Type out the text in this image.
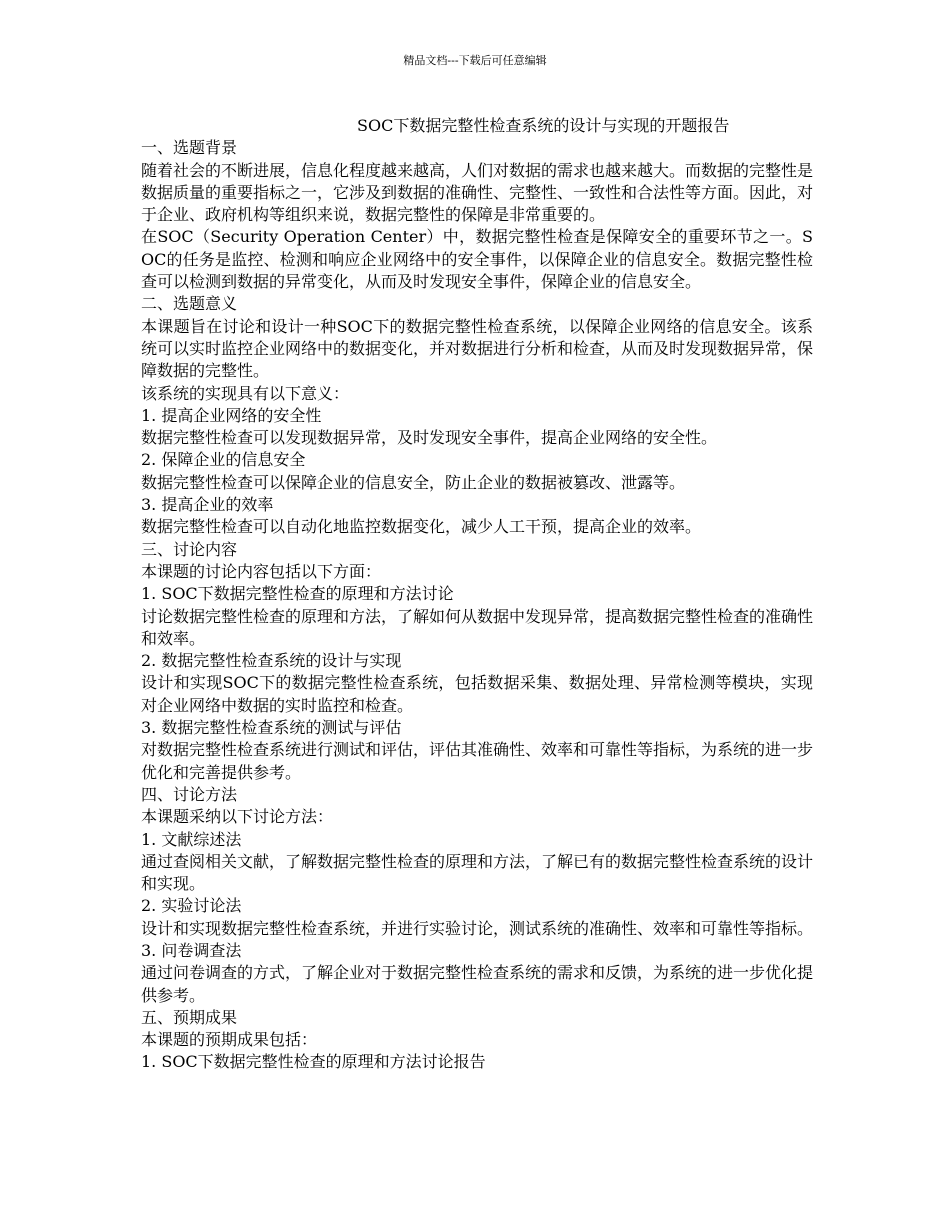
精品文档---下载后可任意编辑
SOC下数据完整性检查系统的设计与实现的开题报告

一、选题背景

随着社会的不断进展，信息化程度越来越高，人们对数据的需求也越来越大。而数据的完整性是数据质量的重要指标之一，它涉及到数据的准确性、完整性、一致性和合法性等方面。因此，对于企业、政府机构等组织来说，数据完整性的保障是非常重要的。

在SOC（Security Operation Center）中，数据完整性检查是保障安全的重要环节之一。SOC的任务是监控、检测和响应企业网络中的安全事件，以保障企业的信息安全。数据完整性检查可以检测到数据的异常变化，从而及时发现安全事件，保障企业的信息安全。

二、选题意义

本课题旨在讨论和设计一种SOC下的数据完整性检查系统，以保障企业网络的信息安全。该系统可以实时监控企业网络中的数据变化，并对数据进行分析和检查，从而及时发现数据异常，保障数据的完整性。

该系统的实现具有以下意义：

1. 提高企业网络的安全性

数据完整性检查可以发现数据异常，及时发现安全事件，提高企业网络的安全性。

2. 保障企业的信息安全

数据完整性检查可以保障企业的信息安全，防止企业的数据被篡改、泄露等。

3. 提高企业的效率

数据完整性检查可以自动化地监控数据变化，减少人工干预，提高企业的效率。

三、讨论内容

本课题的讨论内容包括以下方面：

1. SOC下数据完整性检查的原理和方法讨论

讨论数据完整性检查的原理和方法，了解如何从数据中发现异常，提高数据完整性检查的准确性和效率。

2. 数据完整性检查系统的设计与实现

设计和实现SOC下的数据完整性检查系统，包括数据采集、数据处理、异常检测等模块，实现对企业网络中数据的实时监控和检查。

3. 数据完整性检查系统的测试与评估

对数据完整性检查系统进行测试和评估，评估其准确性、效率和可靠性等指标，为系统的进一步优化和完善提供参考。

四、讨论方法

本课题采纳以下讨论方法：

1. 文献综述法

通过查阅相关文献，了解数据完整性检查的原理和方法，了解已有的数据完整性检查系统的设计和实现。

2. 实验讨论法

设计和实现数据完整性检查系统，并进行实验讨论，测试系统的准确性、效率和可靠性等指标。

3. 问卷调查法

通过问卷调查的方式，了解企业对于数据完整性检查系统的需求和反馈，为系统的进一步优化提供参考。

五、预期成果

本课题的预期成果包括：

1. SOC下数据完整性检查的原理和方法讨论报告
